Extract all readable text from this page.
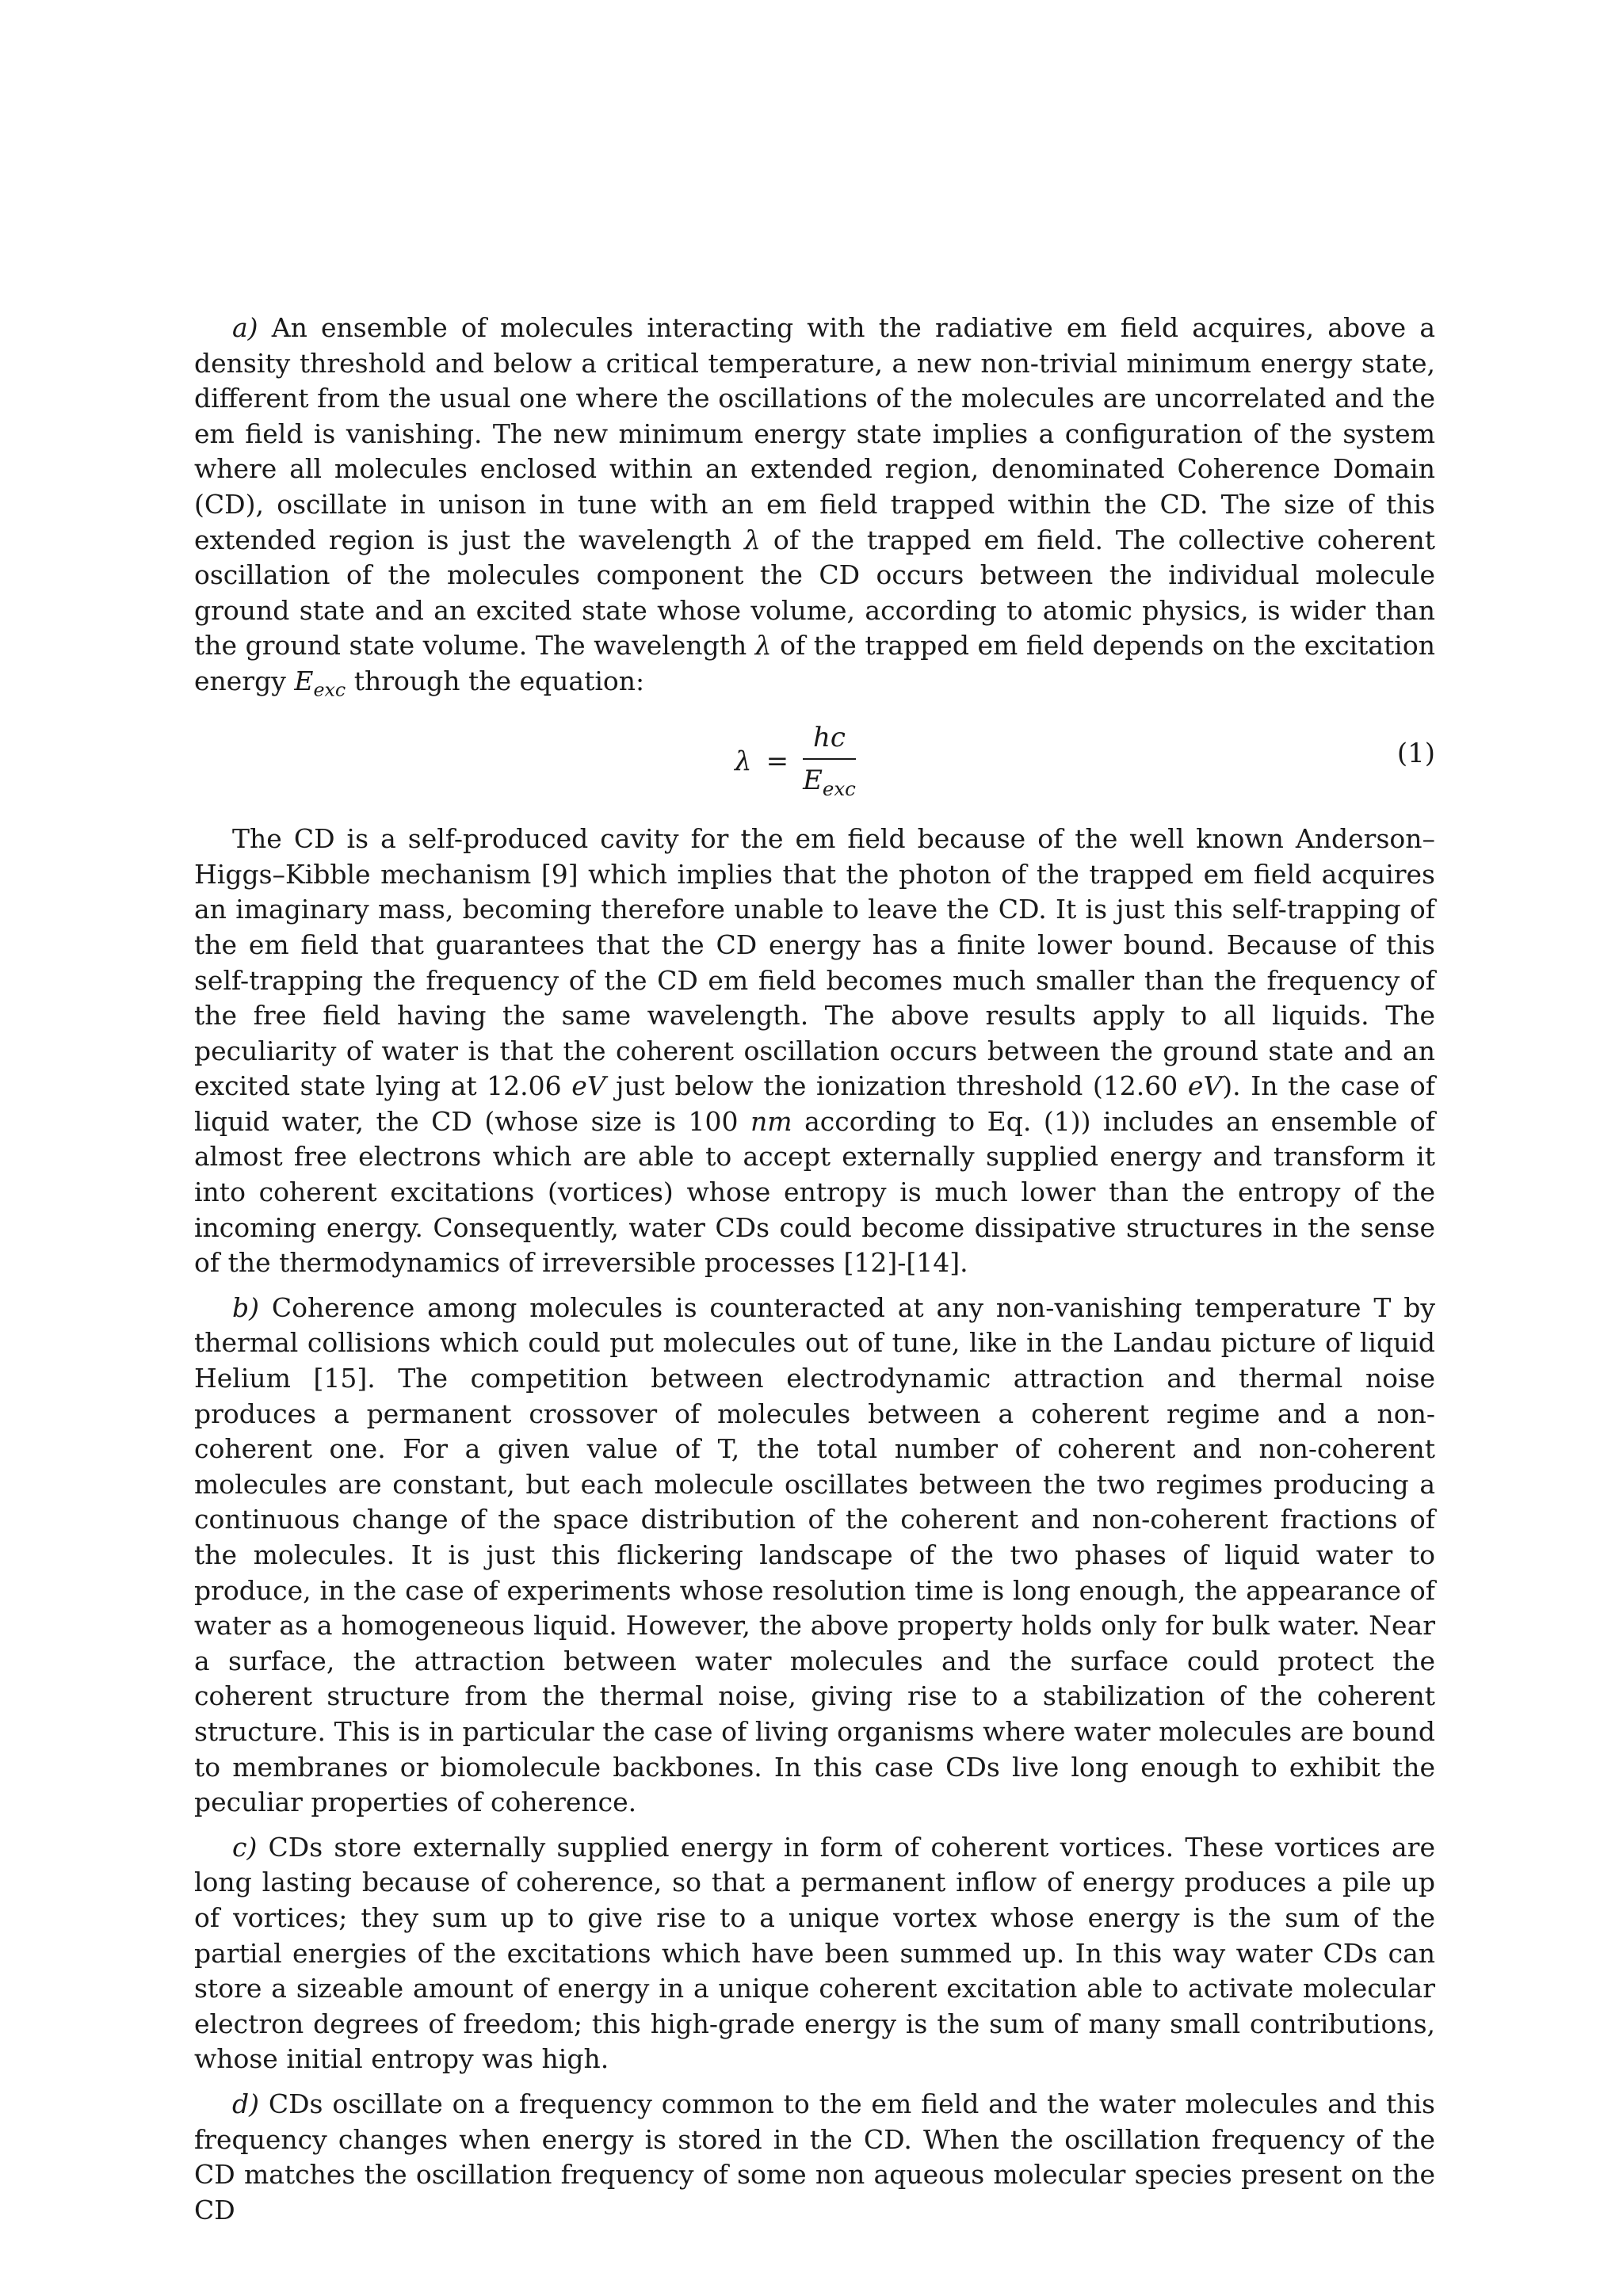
a) An ensemble of molecules interacting with the radiative em field acquires, above a density threshold and below a critical temperature, a new non-trivial minimum energy state, different from the usual one where the oscillations of the molecules are uncorrelated and the em field is vanishing. The new minimum energy state implies a configuration of the system where all molecules enclosed within an extended region, denominated Coherence Domain (CD), oscillate in unison in tune with an em field trapped within the CD. The size of this extended region is just the wavelength λ of the trapped em field. The collective coherent oscillation of the molecules component the CD occurs between the individual molecule ground state and an excited state whose volume, according to atomic physics, is wider than the ground state volume. The wavelength λ of the trapped em field depends on the excitation energy $E_{exc}$ through the equation:

$\lambda = \frac{hc}{E_{exc}}$	(1)

The CD is a self-produced cavity for the em field because of the well known Anderson–Higgs–Kibble mechanism [9] which implies that the photon of the trapped em field acquires an imaginary mass, becoming therefore unable to leave the CD. It is just this self-trapping of the em field that guarantees that the CD energy has a finite lower bound. Because of this self-trapping the frequency of the CD em field becomes much smaller than the frequency of the free field having the same wavelength. The above results apply to all liquids. The peculiarity of water is that the coherent oscillation occurs between the ground state and an excited state lying at 12.06 eV just below the ionization threshold (12.60 eV). In the case of liquid water, the CD (whose size is 100 nm according to Eq. (1)) includes an ensemble of almost free electrons which are able to accept externally supplied energy and transform it into coherent excitations (vortices) whose entropy is much lower than the entropy of the incoming energy. Consequently, water CDs could become dissipative structures in the sense of the thermodynamics of irreversible processes [12]-[14].

b) Coherence among molecules is counteracted at any non-vanishing temperature T by thermal collisions which could put molecules out of tune, like in the Landau picture of liquid Helium [15]. The competition between electrodynamic attraction and thermal noise produces a permanent crossover of molecules between a coherent regime and a non-coherent one. For a given value of T, the total number of coherent and non-coherent molecules are constant, but each molecule oscillates between the two regimes producing a continuous change of the space distribution of the coherent and non-coherent fractions of the molecules. It is just this flickering landscape of the two phases of liquid water to produce, in the case of experiments whose resolution time is long enough, the appearance of water as a homogeneous liquid. However, the above property holds only for bulk water. Near a surface, the attraction between water molecules and the surface could protect the coherent structure from the thermal noise, giving rise to a stabilization of the coherent structure. This is in particular the case of living organisms where water molecules are bound to membranes or biomolecule backbones. In this case CDs live long enough to exhibit the peculiar properties of coherence.

c) CDs store externally supplied energy in form of coherent vortices. These vortices are long lasting because of coherence, so that a permanent inflow of energy produces a pile up of vortices; they sum up to give rise to a unique vortex whose energy is the sum of the partial energies of the excitations which have been summed up. In this way water CDs can store a sizeable amount of energy in a unique coherent excitation able to activate molecular electron degrees of freedom; this high-grade energy is the sum of many small contributions, whose initial entropy was high.

d) CDs oscillate on a frequency common to the em field and the water molecules and this frequency changes when energy is stored in the CD. When the oscillation frequency of the CD matches the oscillation frequency of some non aqueous molecular species present on the CD
